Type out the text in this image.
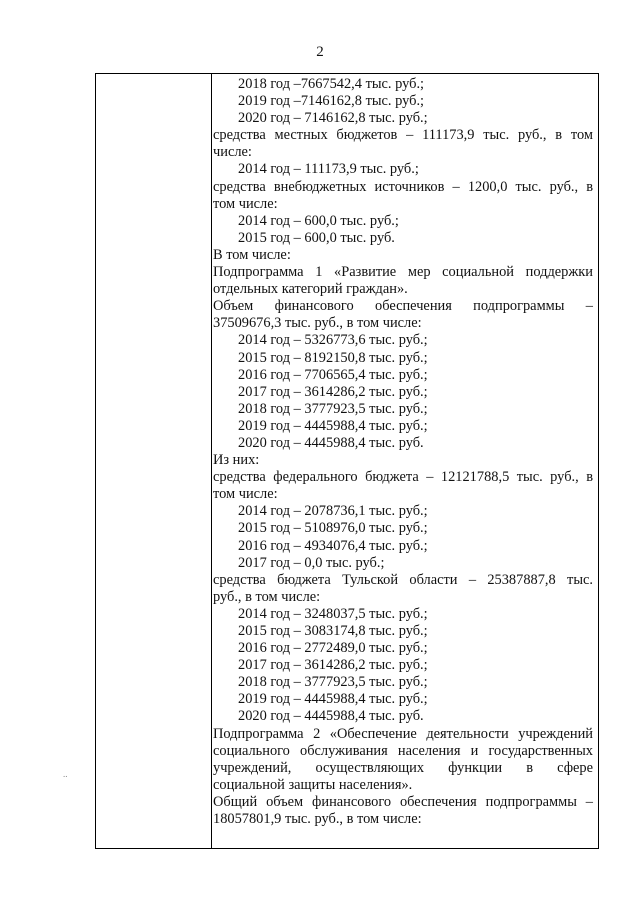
2
2018 год –7667542,4 тыс. руб.;
2019 год –7146162,8 тыс. руб.;
2020 год – 7146162,8 тыс. руб.;
средства местных бюджетов – 111173,9 тыс. руб., в том
числе:
2014 год – 111173,9 тыс. руб.;
средства внебюджетных источников – 1200,0 тыс. руб., в
том числе:
2014 год – 600,0 тыс. руб.;
2015 год – 600,0 тыс. руб.
В том числе:
Подпрограмма 1 «Развитие мер социальной поддержки
отдельных категорий граждан».
Объем финансового обеспечения подпрограммы –
37509676,3 тыс. руб., в том числе:
2014 год – 5326773,6 тыс. руб.;
2015 год – 8192150,8 тыс. руб.;
2016 год – 7706565,4 тыс. руб.;
2017 год – 3614286,2 тыс. руб.;
2018 год – 3777923,5 тыс. руб.;
2019 год – 4445988,4 тыс. руб.;
2020 год – 4445988,4 тыс. руб.
Из них:
средства федерального бюджета – 12121788,5 тыс. руб., в
том числе:
2014 год – 2078736,1 тыс. руб.;
2015 год – 5108976,0 тыс. руб.;
2016 год – 4934076,4 тыс. руб.;
2017 год – 0,0 тыс. руб.;
средства бюджета Тульской области – 25387887,8 тыс.
руб., в том числе:
2014 год – 3248037,5 тыс. руб.;
2015 год – 3083174,8 тыс. руб.;
2016 год – 2772489,0 тыс. руб.;
2017 год – 3614286,2 тыс. руб.;
2018 год – 3777923,5 тыс. руб.;
2019 год – 4445988,4 тыс. руб.;
2020 год – 4445988,4 тыс. руб.
Подпрограмма 2 «Обеспечение деятельности учреждений
социального обслуживания населения и государственных
учреждений, осуществляющих функции в сфере
социальной защиты населения».
Общий объем финансового обеспечения подпрограммы –
18057801,9 тыс. руб., в том числе:
..
